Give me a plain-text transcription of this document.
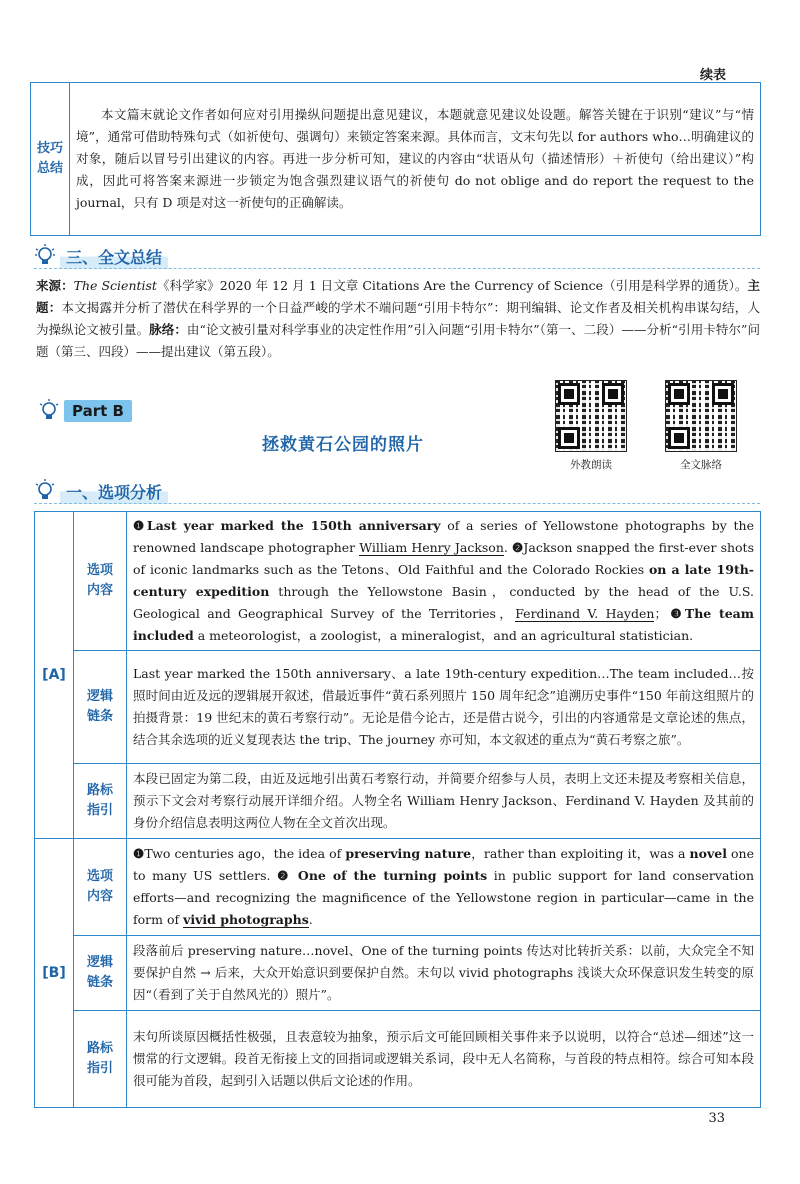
续表
技巧总结

本文篇末就论文作者如何应对引用操纵问题提出意见建议，本题就意见建议处设题。解答关键在于识别“建议”与“情境”，通常可借助特殊句式（如祈使句、强调句）来锁定答案来源。具体而言，文末句先以 for authors who…明确建议的对象，随后以冒号引出建议的内容。再进一步分析可知，建议的内容由“状语从句（描述情形）＋祈使句（给出建议）”构成，因此可将答案来源进一步锁定为饱含强烈建议语气的祈使句 do not oblige and do report the request to the journal，只有 D 项是对这一祈使句的正确解读。
三、全文总结
来源：The Scientist《科学家》2020 年 12 月 1 日文章 Citations Are the Currency of Science（引用是科学界的通货）。主题：本文揭露并分析了潜伏在科学界的一个日益严峻的学术不端问题“引用卡特尔”：期刊编辑、论文作者及相关机构串谋勾结，人为操纵论文被引量。脉络：由“论文被引量对科学事业的决定性作用”引入问题“引用卡特尔”（第一、二段）——分析“引用卡特尔”问题（第三、四段）——提出建议（第五段）。
Part B
拯救黄石公园的照片
外教朗读	全文脉络
一、选项分析
[A]	选项内容	❶Last year marked the 150th anniversary of a series of Yellowstone photographs by the renowned landscape photographer William Henry Jackson. ❷Jackson snapped the first-ever shots of iconic landmarks such as the Tetons、Old Faithful and the Colorado Rockies on a late 19th-century expedition through the Yellowstone Basin，conducted by the head of the U.S. Geological and Geographical Survey of the Territories，Ferdinand V. Hayden；❸The team included a meteorologist，a zoologist，a mineralogist，and an agricultural statistician.

	逻辑链条	Last year marked the 150th anniversary、a late 19th-century expedition…The team included…按照时间由近及远的逻辑展开叙述，借最近事件“黄石系列照片 150 周年纪念”追溯历史事件“150 年前这组照片的拍摄背景：19 世纪末的黄石考察行动”。无论是借今论古，还是借古说今，引出的内容通常是文章论述的焦点，结合其余选项的近义复现表达 the trip、The journey 亦可知，本文叙述的重点为“黄石考察之旅”。

	路标指引	本段已固定为第二段，由近及远地引出黄石考察行动，并简要介绍参与人员，表明上文还未提及考察相关信息，预示下文会对考察行动展开详细介绍。人物全名 William Henry Jackson、Ferdinand V. Hayden 及其前的身份介绍信息表明这两位人物在全文首次出现。
[B]	选项内容	❶Two centuries ago，the idea of preserving nature，rather than exploiting it，was a novel one to many US settlers. ❷ One of the turning points in public support for land conservation efforts—and recognizing the magnificence of the Yellowstone region in particular—came in the form of vivid photographs.

	逻辑链条	段落前后 preserving nature…novel、One of the turning points 传达对比转折关系：以前，大众完全不知要保护自然 → 后来，大众开始意识到要保护自然。末句以 vivid photographs 浅谈大众环保意识发生转变的原因“（看到了关于自然风光的）照片”。

	路标指引	末句所谈原因概括性极强，且表意较为抽象，预示后文可能回顾相关事件来予以说明，以符合“总述—细述”这一惯常的行文逻辑。段首无衔接上文的回指词或逻辑关系词，段中无人名简称，与首段的特点相符。综合可知本段很可能为首段，起到引入话题以供后文论述的作用。
33
